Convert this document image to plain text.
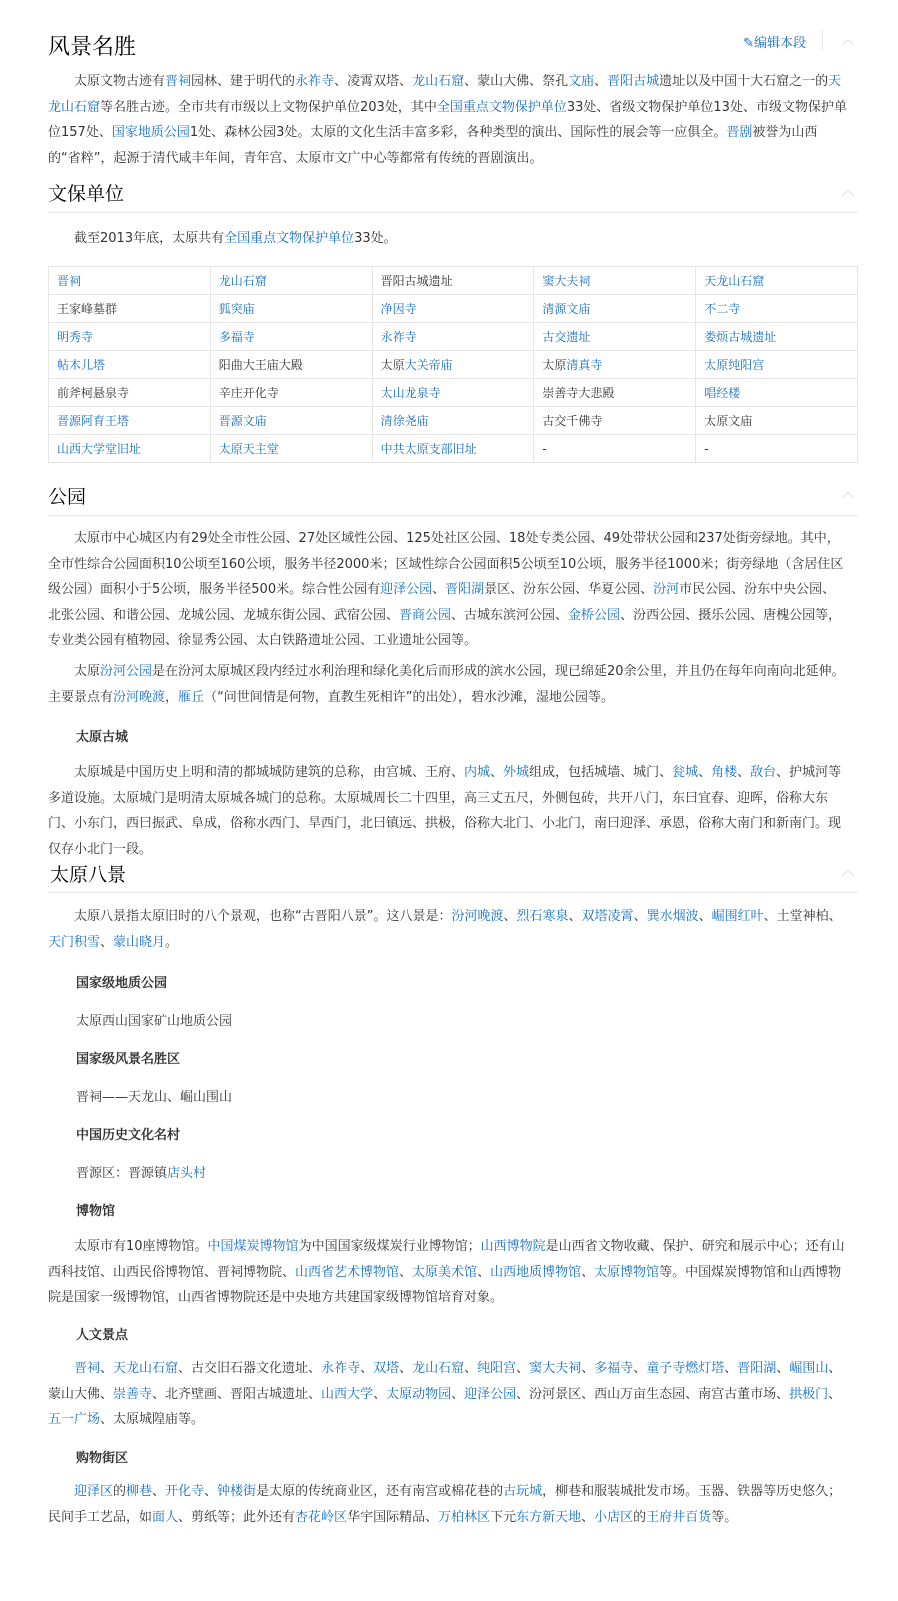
风景名胜	✎编辑本段	︿
太原文物古迹有晋祠园林、建于明代的永祚寺、凌霄双塔、龙山石窟、蒙山大佛、祭孔文庙、晋阳古城遗址以及中国十大石窟之一的天龙山石窟等名胜古迹。全市共有市级以上文物保护单位203处，其中全国重点文物保护单位33处、省级文物保护单位13处、市级文物保护单位157处、国家地质公园1处、森林公园3处。太原的文化生活丰富多彩，各种类型的演出、国际性的展会等一应俱全。晋剧被誉为山西的“省粹”，起源于清代咸丰年间，青年宫、太原市文广中心等都常有传统的晋剧演出。
文保单位	︿
截至2013年底，太原共有全国重点文物保护单位33处。
晋祠	龙山石窟	晋阳古城遗址	窦大夫祠	天龙山石窟
王家峰墓群	狐突庙	净因寺	清源文庙	不二寺
明秀寺	多福寺	永祚寺	古交遗址	娄烦古城遗址
帖木儿塔	阳曲大王庙大殿	太原大关帝庙	太原清真寺	太原纯阳宫
前斧柯悬泉寺	辛庄开化寺	太山龙泉寺	崇善寺大悲殿	唱经楼
晋源阿育王塔	晋源文庙	清徐尧庙	古交千佛寺	太原文庙
山西大学堂旧址	太原天主堂	中共太原支部旧址	-	-
公园	︿
太原市中心城区内有29处全市性公园、27处区域性公园、125处社区公园、18处专类公园、49处带状公园和237处街旁绿地。其中，全市性综合公园面积10公顷至160公顷，服务半径2000米；区域性综合公园面积5公顷至10公顷，服务半径1000米；街旁绿地（含居住区级公园）面积小于5公顷，服务半径500米。综合性公园有迎泽公园、晋阳湖景区、汾东公园、华夏公园、汾河市民公园、汾东中央公园、北张公园、和谐公园、龙城公园、龙城东街公园、武宿公园、晋商公园、古城东滨河公园、金桥公园、汾西公园、摄乐公园、唐槐公园等，专业类公园有植物园、徐显秀公园、太白铁路遗址公园、工业遗址公园等。
太原汾河公园是在汾河太原城区段内经过水利治理和绿化美化后而形成的滨水公园，现已绵延20余公里，并且仍在每年向南向北延伸。主要景点有汾河晚渡，雁丘（“问世间情是何物，直教生死相许”的出处），碧水沙滩，湿地公园等。
太原古城
太原城是中国历史上明和清的都城城防建筑的总称，由宫城、王府、内城、外城组成，包括城墙、城门、瓮城、角楼、敌台、护城河等多道设施。太原城门是明清太原城各城门的总称。太原城周长二十四里，高三丈五尺，外侧包砖，共开八门，东曰宜春、迎晖，俗称大东门、小东门，西曰振武、阜成，俗称水西门、旱西门，北曰镇远、拱极，俗称大北门、小北门，南曰迎泽、承恩，俗称大南门和新南门。现仅存小北门一段。
太原八景	︿
太原八景指太原旧时的八个景观，也称“古晋阳八景”。这八景是：汾河晚渡、烈石寒泉、双塔凌霄、巽水烟波、崛围红叶、土堂神柏、天门积雪、蒙山晓月。
国家级地质公园
太原西山国家矿山地质公园
国家级风景名胜区
晋祠——天龙山、崛山围山
中国历史文化名村
晋源区：晋源镇店头村
博物馆
太原市有10座博物馆。中国煤炭博物馆为中国国家级煤炭行业博物馆；山西博物院是山西省文物收藏、保护、研究和展示中心；还有山西科技馆、山西民俗博物馆、晋祠博物院、山西省艺术博物馆、太原美术馆、山西地质博物馆、太原博物馆等。中国煤炭博物馆和山西博物院是国家一级博物馆，山西省博物院还是中央地方共建国家级博物馆培育对象。
人文景点
晋祠、天龙山石窟、古交旧石器文化遗址、永祚寺、双塔、龙山石窟、纯阳宫、窦大夫祠、多福寺、童子寺燃灯塔、晋阳湖、崛围山、蒙山大佛、崇善寺、北齐壁画、晋阳古城遗址、山西大学、太原动物园、迎泽公园、汾河景区、西山万亩生态园、南宫古董市场、拱极门、五一广场、太原城隍庙等。
购物街区
迎泽区的柳巷、开化寺、钟楼街是太原的传统商业区，还有南宫或棉花巷的古玩城，柳巷和服装城批发市场。玉器、铁器等历史悠久；民间手工艺品，如面人、剪纸等；此外还有杏花岭区华宇国际精品、万柏林区下元东方新天地、小店区的王府井百货等。
